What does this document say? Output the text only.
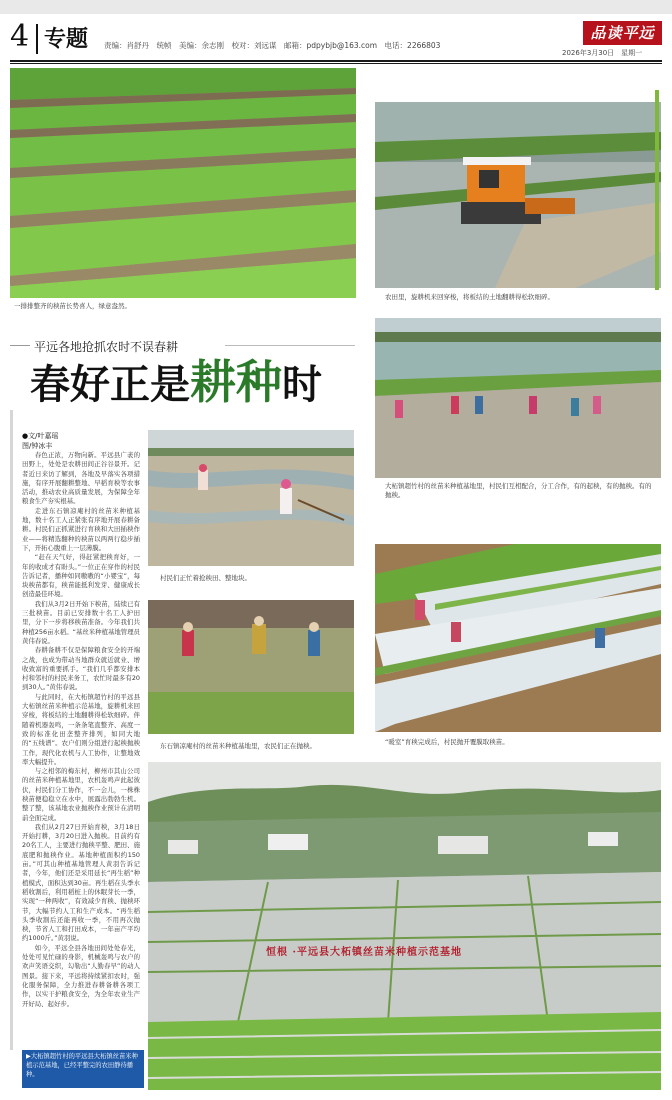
4 专题 责编：肖舒丹　统帧　美编：余志刚　校对：刘远谋　邮箱：pdpybjb@163.com　电话：2266803
品读平远
2026年3月30日　星期一
一排排整齐的秧苗长势喜人，绿意盎然。
农田里，旋耕机来回穿梭，将板结的土地翻耕得松软细碎。
平远各地抢抓农时不误春耕
春好正是耕种时
●文/叶嘉瑶
图/钟冰丰

春色正浓，万物向新。平远县广袤的田野上，处处是农耕田间正谷谷景开。记者近日来访了解到，各地及早落实各项措施，有序开展翻耕整地、早稻育秧等农事活动，推动农业高质量发展，为保障全年粮食生产夯实根基。

走进东石镇凉庵村的丝苗米种植基地，数十名工人正紧张有序地开展春耕备耕。村民们正抓紧进行育秧和大田插秧作业——将精选翻种的秧苗以两两行稳步插下，开拓心腹重上一层薄膜。

“赶在天气好，得赶紧把秧育好，一年的收成才有盼头。”一位正在穿作的村民告诉记者，播种如同嗷嗷的“小婴宝”，每块秧苗都有，秧苗能抵利发芽、健康成长创造最佳环境。

我们从3月2日开始下秧苗，陆续已有三批秧苗。目前已安排数十名工人护田里，分下一步将移秧苗准备。今年我们共种植256亩水稻。“基丝米种植基地管理员黄伟春说。

春耕备耕不仅是保障粮食安全的开端之战，也成为带动当地群众就近就业、增收致富的重要抓手。“我们几乎都安排本村和邻村的村民来务工，农忙时最多有20到30人。”黄伟春说。

与此同时，在大柘镇超竹村的平远县大柘镇丝苗米种植示范基地，旋耕机来回穿梭，将板结的土地翻耕得松软细碎。伴随着机器轰鸣，一条条笔直整齐、高度一致的标准化田垄整齐排列，如同大地的“五线谱”。农户们则分组进行起秧抛秧工作，现代化农机与人工协作，让整地效率大幅提升。

与之相邻的梅东村，柳州市其山公司的丝苗米种植基地里，农机轰鸣声此起彼伏，村民们分工协作，不一会儿，一株株秧苗便稳稳立在水中，展露出勃勃生机。整了整，该基地农业抛秧作业预计在清明前全面完成。

我们从2月27日开始育秧，3月18日开始打耕，3月20日进入抛秧。目前约有20名工人，主要进行抛秧平整、肥田、施底肥和抛秧作业。基地种植面积约150亩。”可其山种植基地管理人黄羽告诉记者，今年，他们还是采用延长“再生稻”种植模式，面积达到30亩。再生稻在头季水稻收割后，利用稻桩上的休眠芽长一季，实现“一种两收”，有效减少育秧、抛秧环节，大幅节约人工和生产成本。“再生稻头季收割后还能再收一季，不用再次抛秧，节省人工和打田成本，一年亩产平均约1000斤。”黄羽说。

如今，平远全县各地田间处处春光，处处可见忙碌的身影，机械轰鸣与农户的欢声笑语交织，勾勒出“人勤春早”的动人图景。接下来，平远将持续紧扣农时，强化服务保障，全力推进春耕备耕各项工作，以实干护粮食安全，为全年农业生产开好局、起好步。

村民们正忙着抢秧田、整地块。
东石镇凉庵村的丝苗米种植基地里，农民们正在抛秧。
大柘镇超竹村的丝苗米种植基地里，村民们互相配合，分工合作，有的起秧，有的抛秧。有的抛秧。
“暖室”育秧完成后，村民抛开覆膜取秧苗。
恒根 ·平远县大柘镇丝苗米种植示范基地
▶大柘镇超竹村的平远县大柘镇丝苗米种植示范基地，已经平整完的农田静待播种。
